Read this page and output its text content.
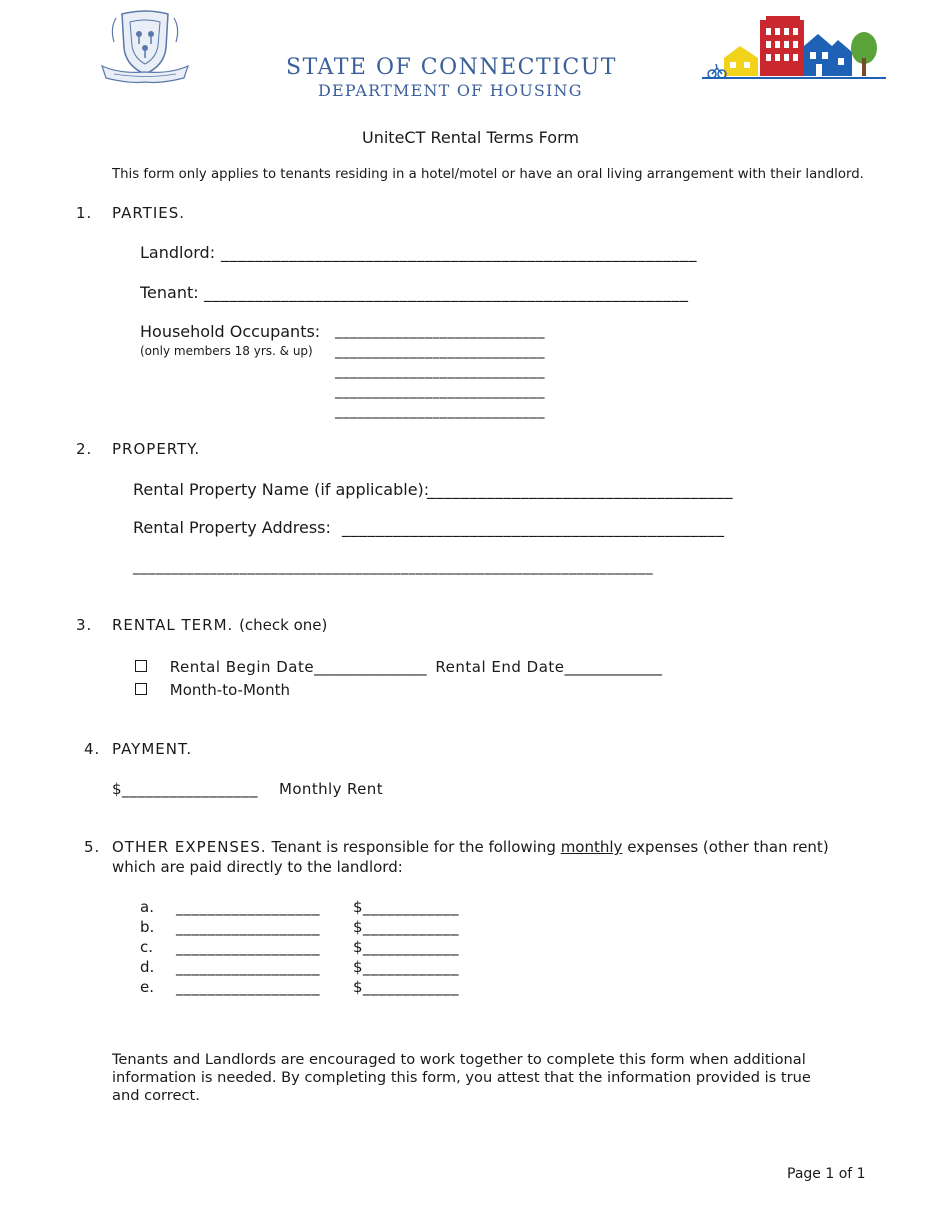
STATE OF CONNECTICUT
DEPARTMENT OF HOUSING
UniteCT Rental Terms Form
This form only applies to tenants residing in a hotel/motel or have an oral living arrangement with their landlord.
1. PARTIES.
Landlord: ________________________________________________________
Tenant: _________________________________________________________
Household Occupants:
(only members 18 yrs. & up)
____________________________
____________________________
____________________________
____________________________
____________________________
2. PROPERTY.
Rental Property Name (if applicable):
____________________________________
Rental Property Address: _____________________________________________
____________________________________________________________________
3. RENTAL TERM. (check one)
Rental Begin Date_______________ Rental End Date_____________
Month-to-Month
4. PAYMENT.
$_________________ Monthly Rent
5. OTHER EXPENSES. Tenant is responsible for the following monthly expenses (other than rent)
which are paid directly to the landlord:
a. __________________ $____________
b. __________________ $____________
c. __________________ $____________
d. __________________ $____________
e. __________________ $____________
Tenants and Landlords are encouraged to work together to complete this form when additional
information is needed. By completing this form, you attest that the information provided is true
and correct.
Page 1 of 1
